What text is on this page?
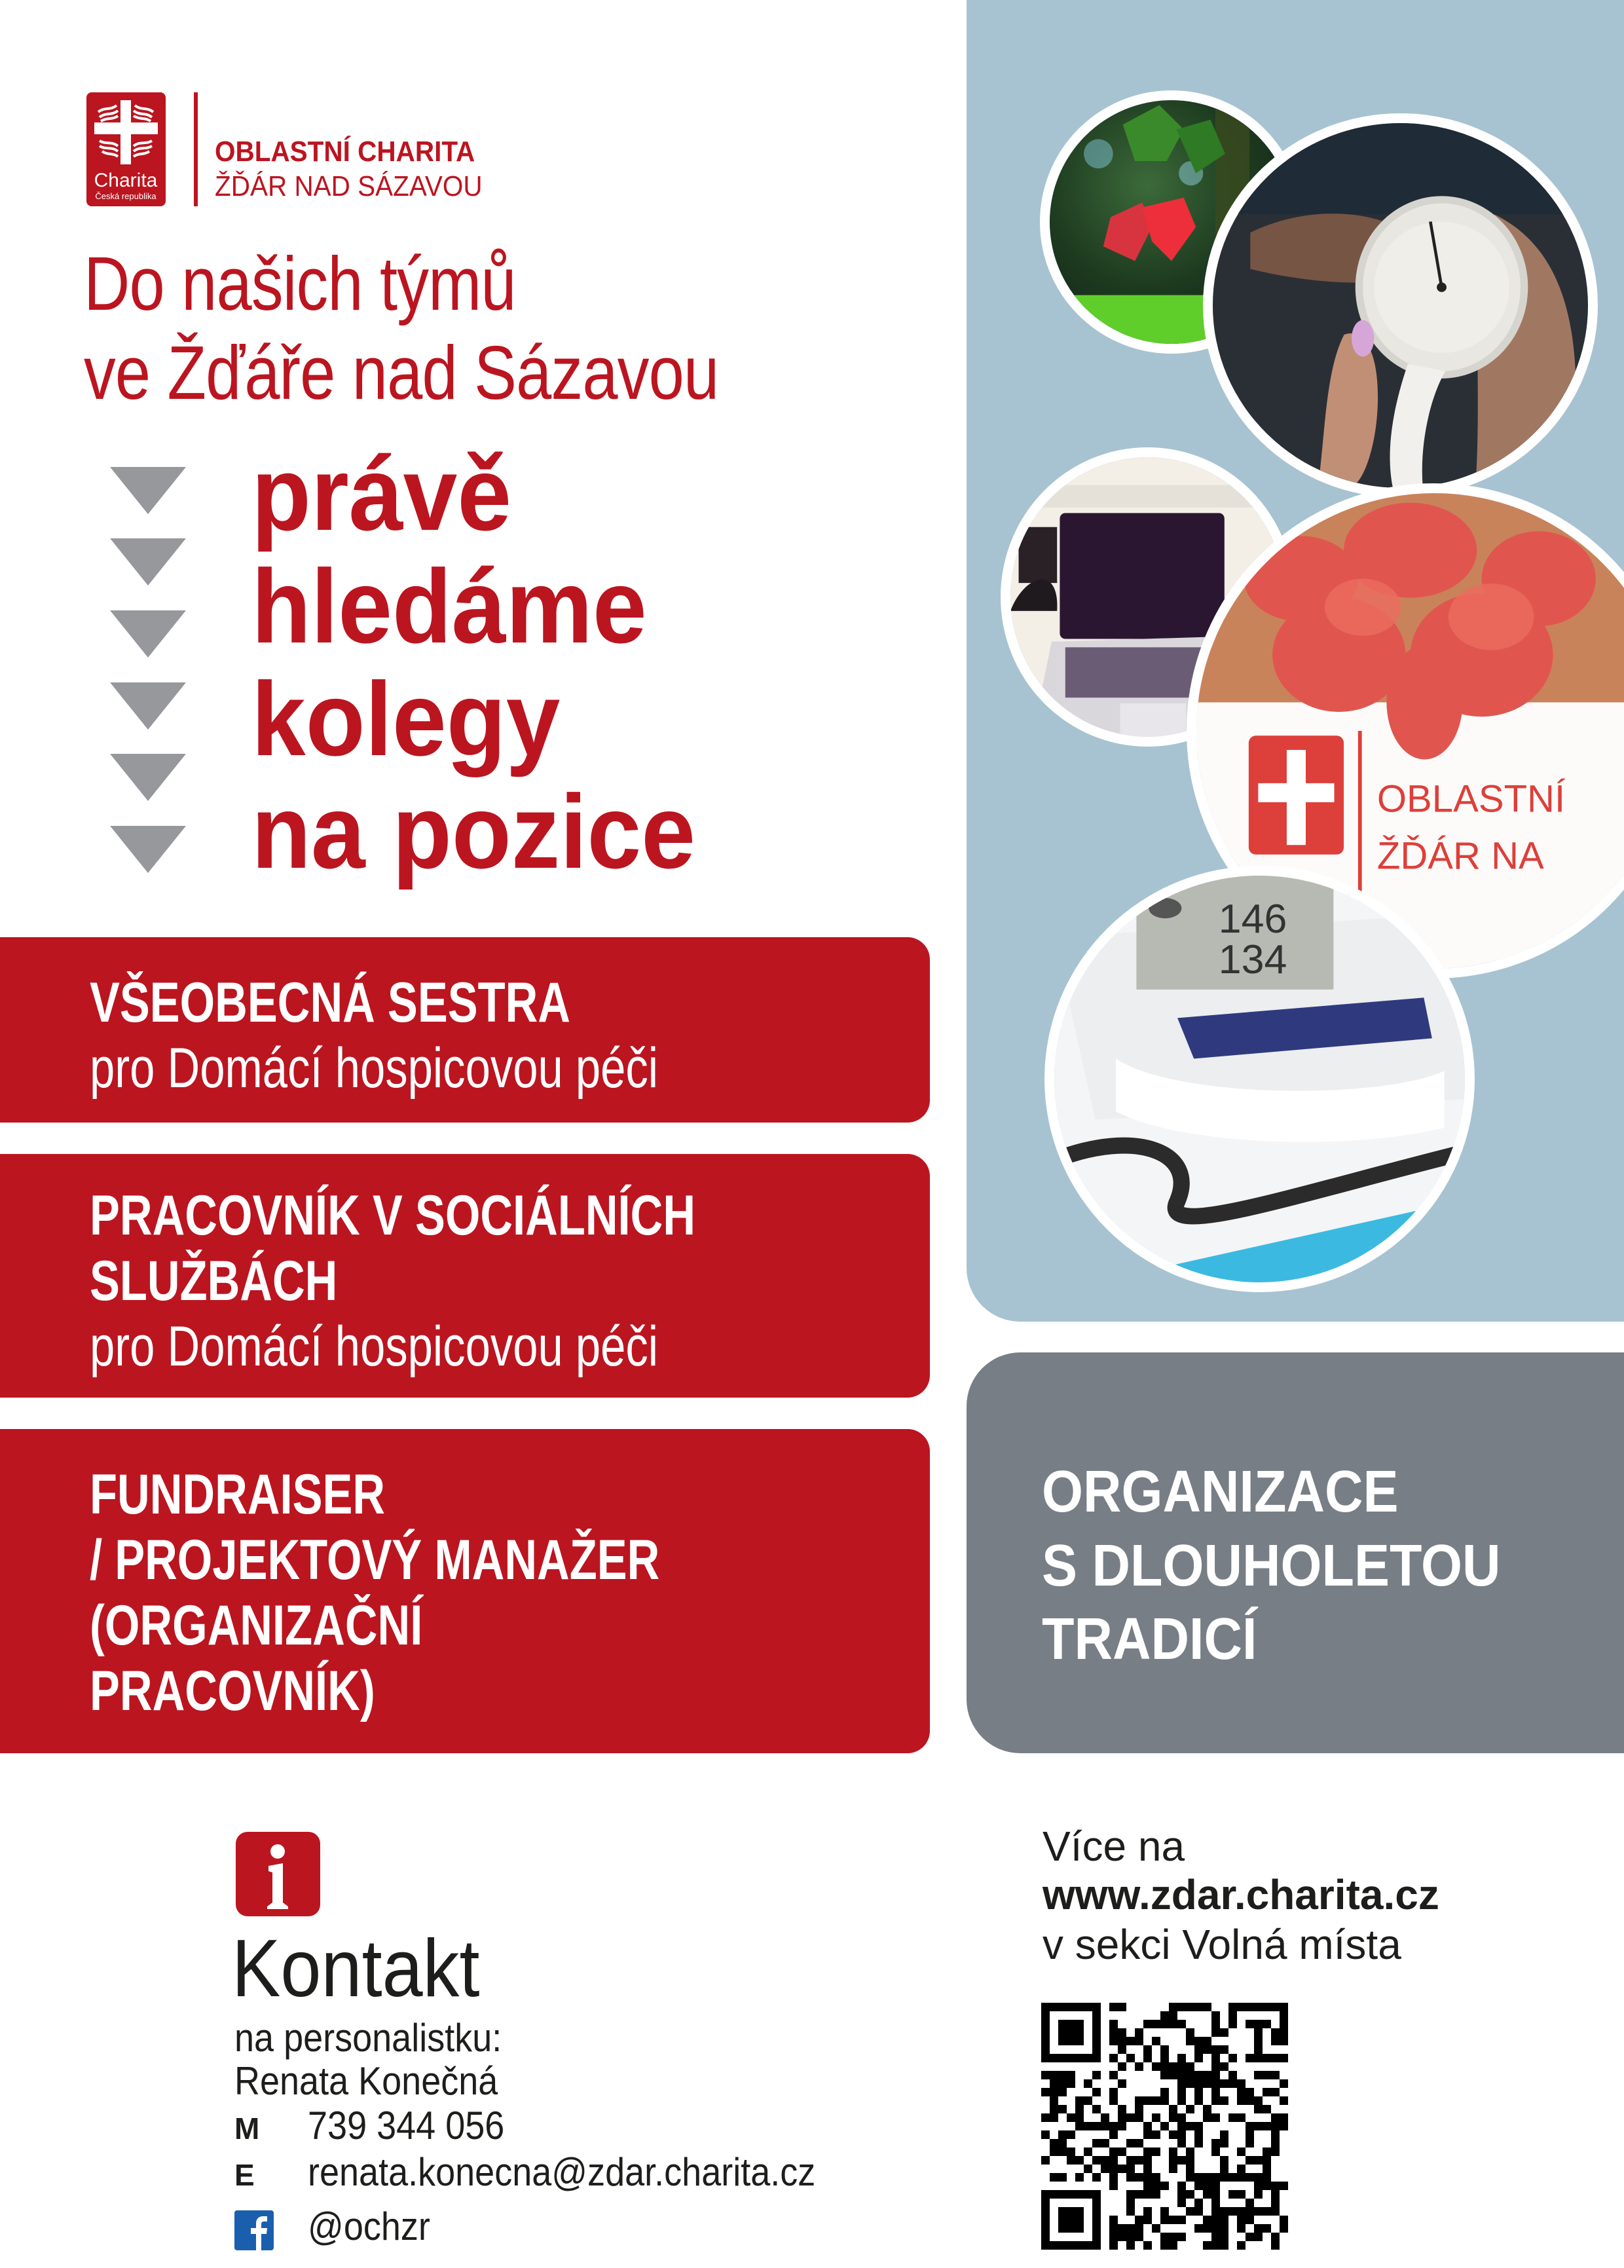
OBLASTNÍ
ŽĎÁR NA
146
134
Charita
Česká republika
OBLASTNÍ CHARITA
ŽĎÁR NAD SÁZAVOU
Do našich týmů
ve Žďáře nad Sázavou
právě
hledáme
kolegy
na pozice
VŠEOBECNÁ SESTRA
pro Domácí hospicovou péči
PRACOVNÍK V SOCIÁLNÍCH
SLUŽBÁCH
pro Domácí hospicovou péči
FUNDRAISER
/ PROJEKTOVÝ MANAŽER
(ORGANIZAČNÍ
PRACOVNÍK)
ORGANIZACE
S DLOUHOLETOU
TRADICÍ
Kontakt
na personalistku:
Renata Konečná
M 739 344 056
E renata.konecna@zdar.charita.cz
@ochzr
Více na
www.zdar.charita.cz
v sekci Volná místa
